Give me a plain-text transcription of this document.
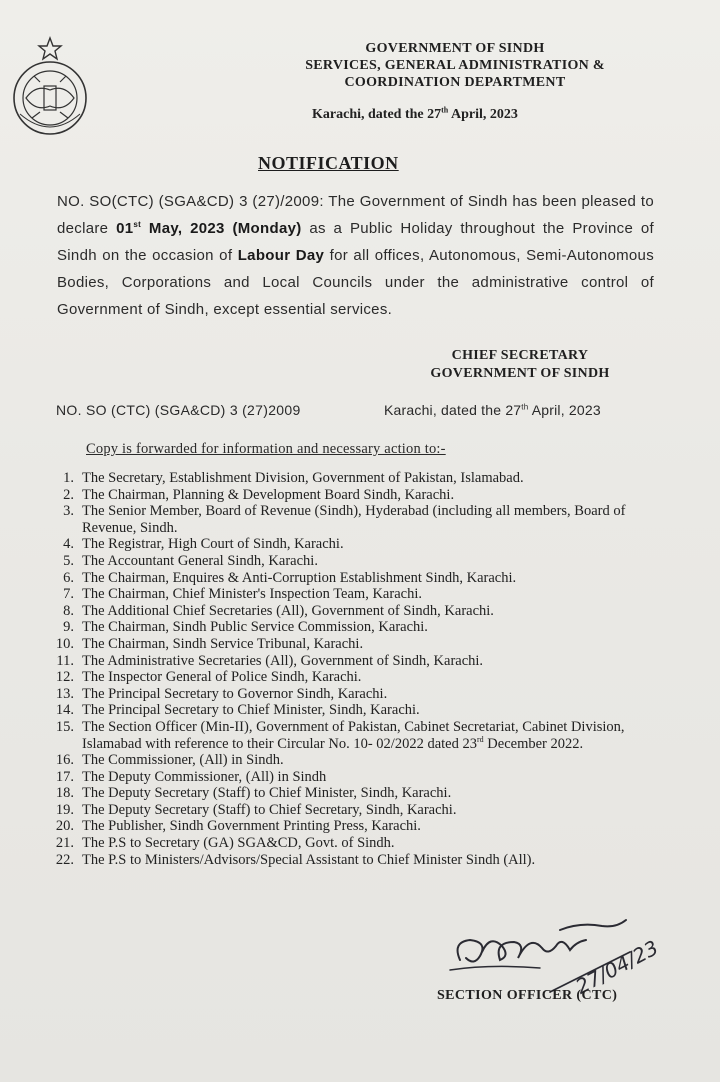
GOVERNMENT OF SINDH
SERVICES, GENERAL ADMINISTRATION &
COORDINATION DEPARTMENT
Karachi, dated the 27th April, 2023
NOTIFICATION
NO. SO(CTC) (SGA&CD) 3 (27)/2009: The Government of Sindh has been pleased to declare 01st May, 2023 (Monday) as a Public Holiday throughout the Province of Sindh on the occasion of Labour Day for all offices, Autonomous, Semi-Autonomous Bodies, Corporations and Local Councils under the administrative control of Government of Sindh, except essential services.
CHIEF SECRETARY
GOVERNMENT OF SINDH
NO. SO (CTC) (SGA&CD) 3 (27)2009	Karachi, dated the 27th April, 2023
Copy is forwarded for information and necessary action to:-
1. The Secretary, Establishment Division, Government of Pakistan, Islamabad.
2. The Chairman, Planning & Development Board Sindh, Karachi.
3. The Senior Member, Board of Revenue (Sindh), Hyderabad (including all members, Board of Revenue, Sindh.
4. The Registrar, High Court of Sindh, Karachi.
5. The Accountant General Sindh, Karachi.
6. The Chairman, Enquires & Anti-Corruption Establishment Sindh, Karachi.
7. The Chairman, Chief Minister's Inspection Team, Karachi.
8. The Additional Chief Secretaries (All), Government of Sindh, Karachi.
9. The Chairman, Sindh Public Service Commission, Karachi.
10. The Chairman, Sindh Service Tribunal, Karachi.
11. The Administrative Secretaries (All), Government of Sindh, Karachi.
12. The Inspector General of Police Sindh, Karachi.
13. The Principal Secretary to Governor Sindh, Karachi.
14. The Principal Secretary to Chief Minister, Sindh, Karachi.
15. The Section Officer (Min-II), Government of Pakistan, Cabinet Secretariat, Cabinet Division, Islamabad with reference to their Circular No. 10- 02/2022 dated 23rd December 2022.
16. The Commissioner, (All) in Sindh.
17. The Deputy Commissioner, (All) in Sindh
18. The Deputy Secretary (Staff) to Chief Minister, Sindh, Karachi.
19. The Deputy Secretary (Staff) to Chief Secretary, Sindh, Karachi.
20. The Publisher, Sindh Government Printing Press, Karachi.
21. The P.S to Secretary (GA) SGA&CD, Govt. of Sindh.
22. The P.S to Ministers/Advisors/Special Assistant to Chief Minister Sindh (All).
27/04/23
SECTION OFFICER (CTC)
